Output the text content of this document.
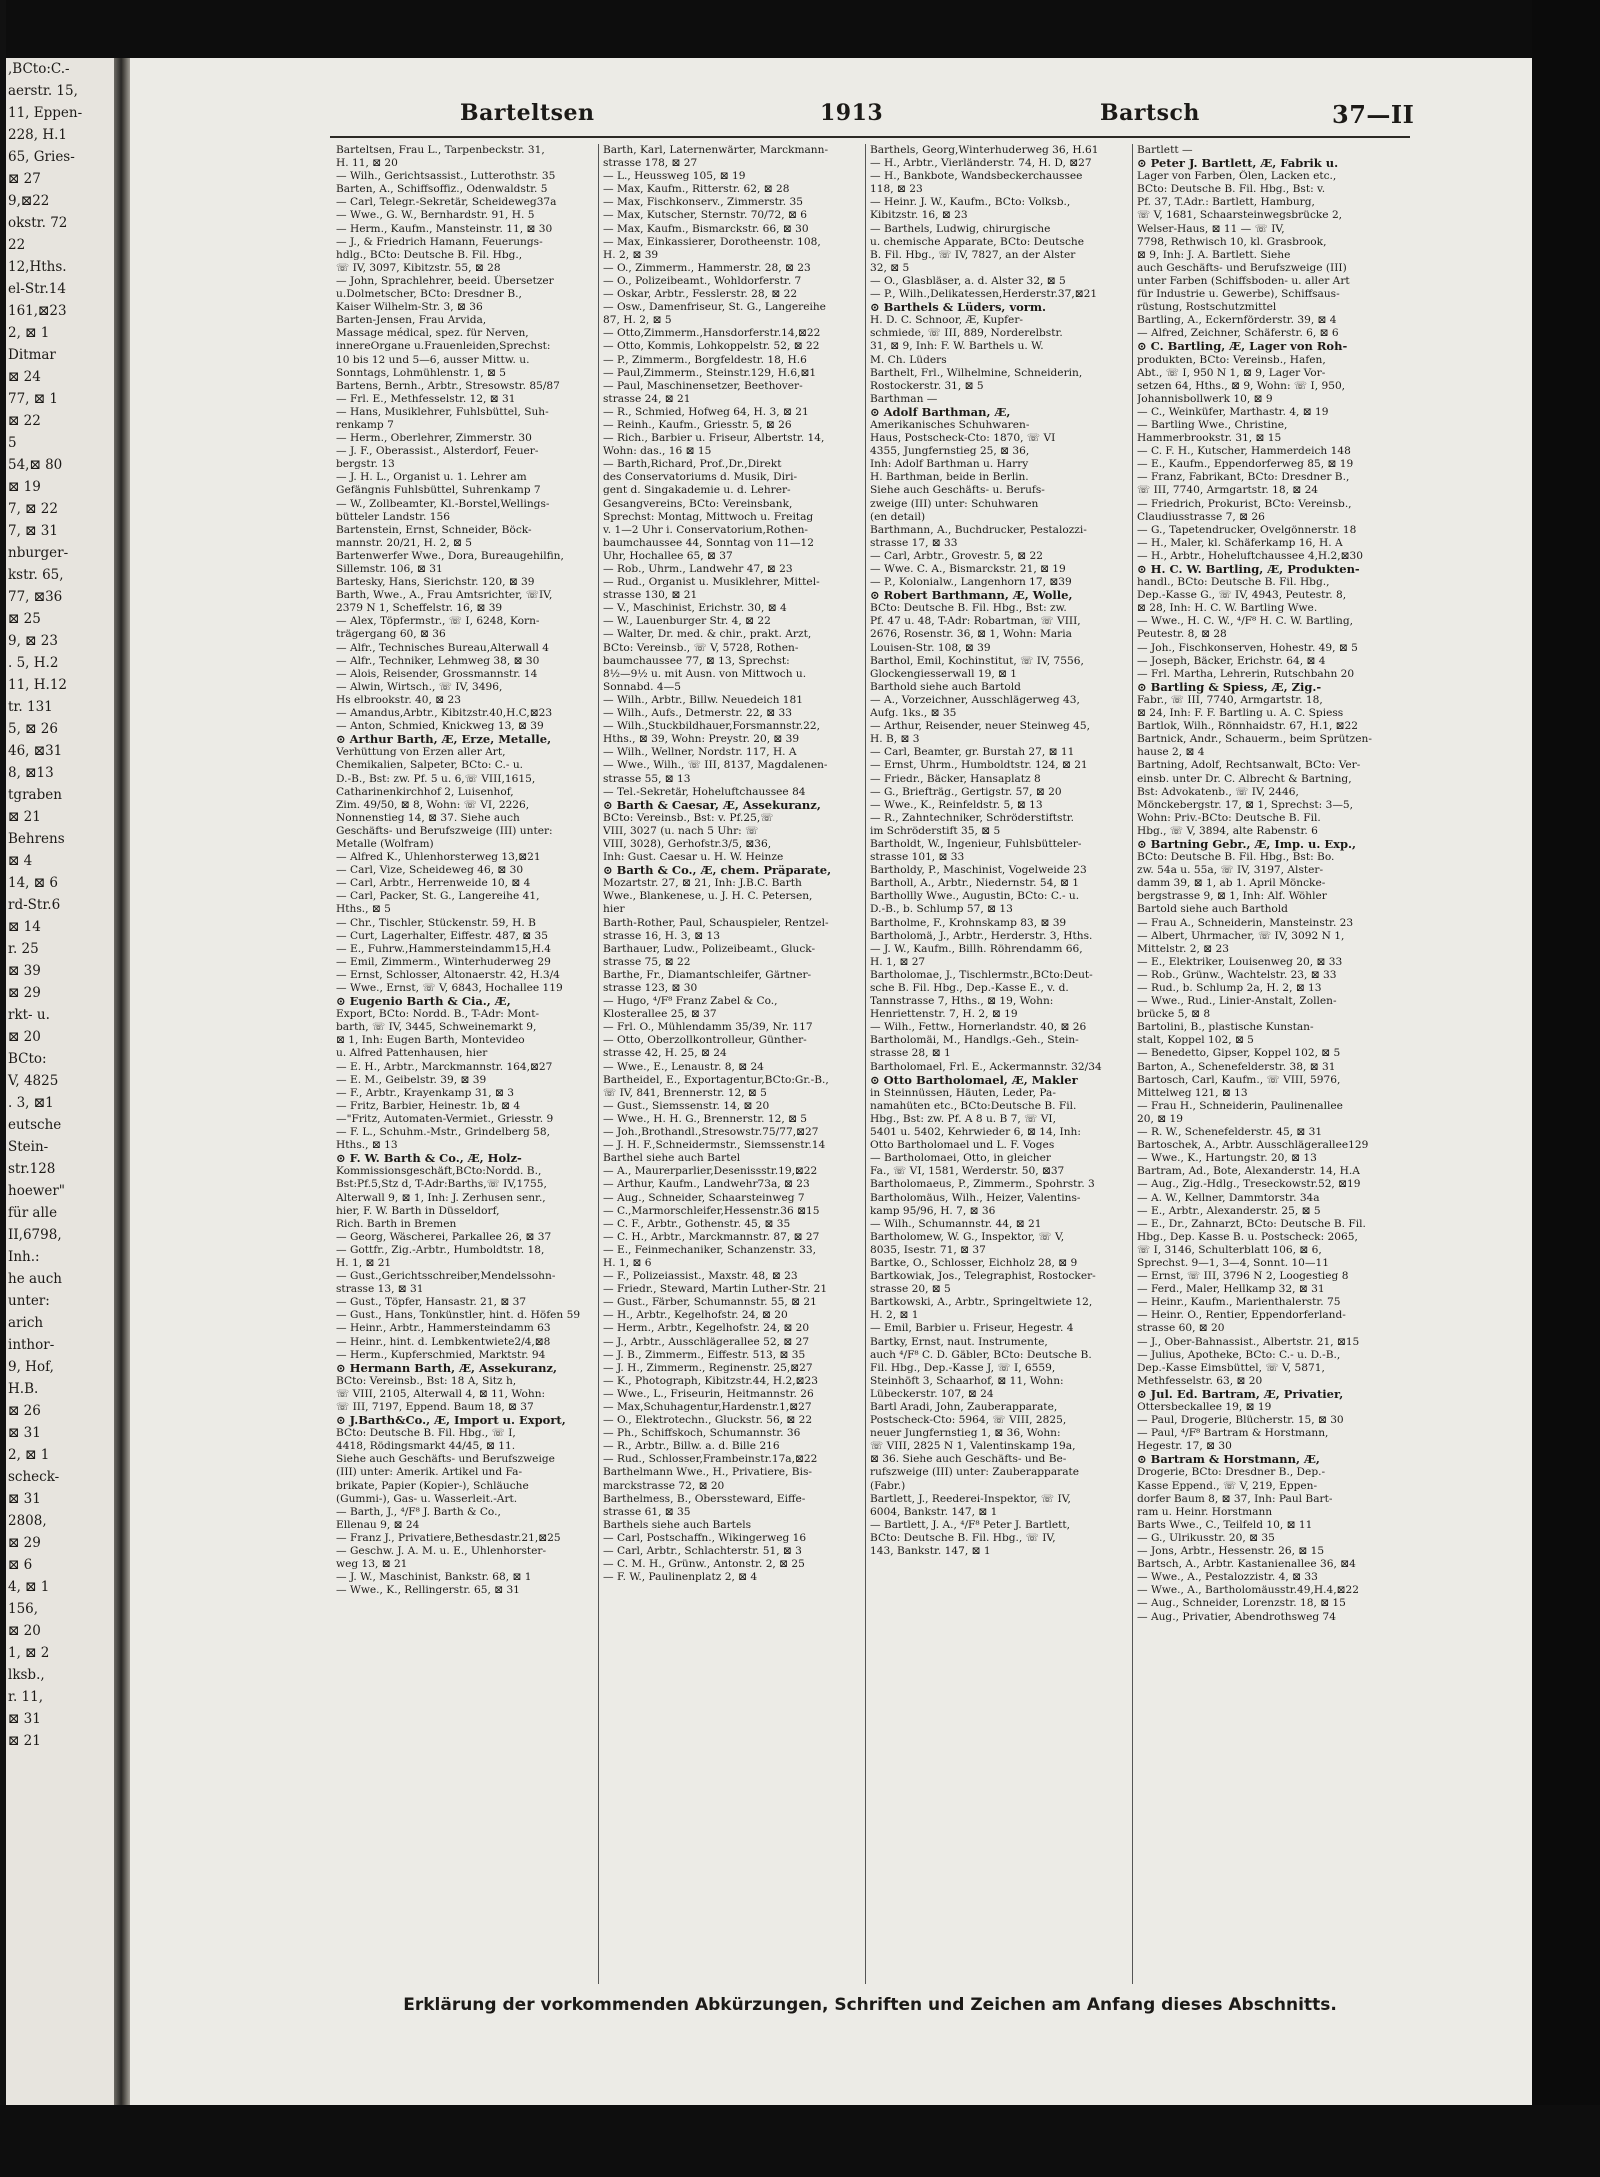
,BCto:C.-
aerstr. 15,
11, Eppen-
228, H.1
65, Gries-
⊠ 27
9,⊠22
okstr. 72
22
12,Hths.
el-Str.14
161,⊠23
2, ⊠ 1
Ditmar
⊠ 24
77, ⊠ 1
⊠ 22
5
54,⊠ 80
⊠ 19
7, ⊠ 22
7, ⊠ 31
nburger-
kstr. 65,
77, ⊠36
⊠ 25
9, ⊠ 23
. 5, H.2
11, H.12
tr. 131
5, ⊠ 26
46, ⊠31
8, ⊠13
tgraben
⊠ 21
Behrens
⊠ 4
14, ⊠ 6
rd-Str.6
⊠ 14
r. 25
⊠ 39
⊠ 29
rkt- u.
⊠ 20
BCto:
V, 4825
. 3, ⊠1
eutsche
Stein-
str.128
hoewer"
für alle
II,6798,
Inh.:
he auch
unter:
arich
inthor-
9, Hof,
H.B.
⊠ 26
⊠ 31
2, ⊠ 1
scheck-
⊠ 31
2808,
⊠ 29
⊠ 6
4, ⊠ 1
156,
⊠ 20
1, ⊠ 2
lksb.,
r. 11,
⊠ 31
⊠ 21
Barteltsen	1913	Bartsch	37—II
Barteltsen, Frau L., Tarpenbeckstr. 31,
H. 11, ⊠ 20
— Wilh., Gerichtsassist., Lutterothstr. 35
Barten, A., Schiffsoffiz., Odenwaldstr. 5
— Carl, Telegr.-Sekretär, Scheideweg37a
— Wwe., G. W., Bernhardstr. 91, H. 5
— Herm., Kaufm., Mansteinstr. 11, ⊠ 30
— J., & Friedrich Hamann, Feuerungs-
hdlg., BCto: Deutsche B. Fil. Hbg.,
☏ IV, 3097, Kibitzstr. 55, ⊠ 28
— John, Sprachlehrer, beeid. Übersetzer
u.Dolmetscher, BCto: Dresdner B.,
Kaiser Wilhelm-Str. 3, ⊠ 36
Barten-Jensen, Frau Arvida,
Massage médical, spez. für Nerven,
innereOrgane u.Frauenleiden,Sprechst:
10 bis 12 und 5—6, ausser Mittw. u.
Sonntags, Lohmühlenstr. 1, ⊠ 5
Bartens, Bernh., Arbtr., Stresowstr. 85/87
— Frl. E., Methfesselstr. 12, ⊠ 31
— Hans, Musiklehrer, Fuhlsbüttel, Suh-
renkamp 7
— Herm., Oberlehrer, Zimmerstr. 30
— J. F., Oberassist., Alsterdorf, Feuer-
bergstr. 13
— J. H. L., Organist u. 1. Lehrer am
Gefängnis Fuhlsbüttel, Suhrenkamp 7
— W., Zollbeamter, Kl.-Borstel,Wellings-
bütteler Landstr. 156
Bartenstein, Ernst, Schneider, Böck-
mannstr. 20/21, H. 2, ⊠ 5
Bartenwerfer Wwe., Dora, Bureaugehilfin,
Sillemstr. 106, ⊠ 31
Bartesky, Hans, Sierichstr. 120, ⊠ 39
Barth, Wwe., A., Frau Amtsrichter, ☏IV,
2379 N 1, Scheffelstr. 16, ⊠ 39
— Alex, Töpfermstr., ☏ I, 6248, Korn-
trägergang 60, ⊠ 36
— Alfr., Technisches Bureau,Alterwall 4
— Alfr., Techniker, Lehmweg 38, ⊠ 30
— Alois, Reisender, Grossmannstr. 14
— Alwin, Wirtsch., ☏ IV, 3496,
Hs elbrookstr. 40, ⊠ 23
— Amandus,Arbtr., Kibitzstr.40,H.C,⊠23
— Anton, Schmied, Knickweg 13, ⊠ 39
⊙ Arthur Barth, Æ, Erze, Metalle,
Verhüttung von Erzen aller Art,
Chemikalien, Salpeter, BCto: C.- u.
D.-B., Bst: zw. Pf. 5 u. 6,☏ VIII,1615,
Catharinenkirchhof 2, Luisenhof,
Zim. 49/50, ⊠ 8, Wohn: ☏ VI, 2226,
Nonnenstieg 14, ⊠ 37. Siehe auch
Geschäfts- und Berufszweige (III) unter:
Metalle (Wolfram)
— Alfred K., Uhlenhorsterweg 13,⊠21
— Carl, Vize, Scheideweg 46, ⊠ 30
— Carl, Arbtr., Herrenweide 10, ⊠ 4
— Carl, Packer, St. G., Langereihe 41,
Hths., ⊠ 5
— Chr., Tischler, Stückenstr. 59, H. B
— Curt, Lagerhalter, Eiffestr. 487, ⊠ 35
— E., Fuhrw.,Hammersteindamm15,H.4
— Emil, Zimmerm., Winterhuderweg 29
— Ernst, Schlosser, Altonaerstr. 42, H.3/4
— Wwe., Ernst, ☏ V, 6843, Hochallee 119
⊙ Eugenio Barth & Cia., Æ,
Export, BCto: Nordd. B., T-Adr: Mont-
barth, ☏ IV, 3445, Schweinemarkt 9,
⊠ 1, Inh: Eugen Barth, Montevideo
u. Alfred Pattenhausen, hier
— E. H., Arbtr., Marckmannstr. 164,⊠27
— E. M., Geibelstr. 39, ⊠ 39
— F., Arbtr., Krayenkamp 31, ⊠ 3
— Fritz, Barbier, Heinestr. 1b, ⊠ 4
—"Fritz, Automaten-Vermiet., Griesstr. 9
— F. L., Schuhm.-Mstr., Grindelberg 58,
Hths., ⊠ 13
⊙ F. W. Barth & Co., Æ, Holz-
Kommissionsgeschäft,BCto:Nordd. B.,
Bst:Pf.5,Stz d, T-Adr:Barths,☏ IV,1755,
Alterwall 9, ⊠ 1, Inh: J. Zerhusen senr.,
hier, F. W. Barth in Düsseldorf,
Rich. Barth in Bremen
— Georg, Wäscherei, Parkallee 26, ⊠ 37
— Gottfr., Zig.-Arbtr., Humboldtstr. 18,
H. 1, ⊠ 21
— Gust.,Gerichtsschreiber,Mendelssohn-
strasse 13, ⊠ 31
— Gust., Töpfer, Hansastr. 21, ⊠ 37
— Gust., Hans, Tonkünstler, hint. d. Höfen 59
— Heinr., Arbtr., Hammersteindamm 63
— Heinr., hint. d. Lembkentwiete2/4,⊠8
— Herm., Kupferschmied, Marktstr. 94
⊙ Hermann Barth, Æ, Assekuranz,
BCto: Vereinsb., Bst: 18 A, Sitz h,
☏ VIII, 2105, Alterwall 4, ⊠ 11, Wohn:
☏ III, 7197, Eppend. Baum 18, ⊠ 37
⊙ J.Barth&Co., Æ, Import u. Export,
BCto: Deutsche B. Fil. Hbg., ☏ I,
4418, Rödingsmarkt 44/45, ⊠ 11.
Siehe auch Geschäfts- und Berufszweige
(III) unter: Amerik. Artikel und Fa-
brikate, Papier (Kopier-), Schläuche
(Gummi-), Gas- u. Wasserleit.-Art.
— Barth, J., ⁴/F⁸ J. Barth & Co.,
Ellenau 9, ⊠ 24
— Franz J., Privatiere,Bethesdastr.21,⊠25
— Geschw. J. A. M. u. E., Uhlenhorster-
weg 13, ⊠ 21
— J. W., Maschinist, Bankstr. 68, ⊠ 1
— Wwe., K., Rellingerstr. 65, ⊠ 31
Barth, Karl, Laternenwärter, Marckmann-
strasse 178, ⊠ 27
— L., Heussweg 105, ⊠ 19
— Max, Kaufm., Ritterstr. 62, ⊠ 28
— Max, Fischkonserv., Zimmerstr. 35
— Max, Kutscher, Sternstr. 70/72, ⊠ 6
— Max, Kaufm., Bismarckstr. 66, ⊠ 30
— Max, Einkassierer, Dorotheenstr. 108,
H. 2, ⊠ 39
— O., Zimmerm., Hammerstr. 28, ⊠ 23
— O., Polizeibeamt., Wohldorferstr. 7
— Oskar, Arbtr., Fesslerstr. 28, ⊠ 22
— Osw., Damenfriseur, St. G., Langereihe
87, H. 2, ⊠ 5
— Otto,Zimmerm.,Hansdorferstr.14,⊠22
— Otto, Kommis, Lohkoppelstr. 52, ⊠ 22
— P., Zimmerm., Borgfeldestr. 18, H.6
— Paul,Zimmerm., Steinstr.129, H.6,⊠1
— Paul, Maschinensetzer, Beethover-
strasse 24, ⊠ 21
— R., Schmied, Hofweg 64, H. 3, ⊠ 21
— Reinh., Kaufm., Griesstr. 5, ⊠ 26
— Rich., Barbier u. Friseur, Albertstr. 14,
Wohn: das., 16 ⊠ 15
— Barth,Richard, Prof.,Dr.,Direkt
des Conservatoriums d. Musik, Diri-
gent d. Singakademie u. d. Lehrer-
Gesangvereins, BCto: Vereinsbank,
Sprechst: Montag, Mittwoch u. Freitag
v. 1—2 Uhr i. Conservatorium,Rothen-
baumchaussee 44, Sonntag von 11—12
Uhr, Hochallee 65, ⊠ 37
— Rob., Uhrm., Landwehr 47, ⊠ 23
— Rud., Organist u. Musiklehrer, Mittel-
strasse 130, ⊠ 21
— V., Maschinist, Erichstr. 30, ⊠ 4
— W., Lauenburger Str. 4, ⊠ 22
— Walter, Dr. med. & chir., prakt. Arzt,
BCto: Vereinsb., ☏ V, 5728, Rothen-
baumchaussee 77, ⊠ 13, Sprechst:
8½—9½ u. mit Ausn. von Mittwoch u.
Sonnabd. 4—5
— Wilh., Arbtr., Billw. Neuedeich 181
— Wilh., Aufs., Detmerstr. 22, ⊠ 33
— Wilh.,Stuckbildhauer,Forsmannstr.22,
Hths., ⊠ 39, Wohn: Preystr. 20, ⊠ 39
— Wilh., Wellner, Nordstr. 117, H. A
— Wwe., Wilh., ☏ III, 8137, Magdalenen-
strasse 55, ⊠ 13
— Tel.-Sekretär, Hoheluftchaussee 84
⊙ Barth & Caesar, Æ, Assekuranz,
BCto: Vereinsb., Bst: v. Pf.25,☏
VIII, 3027 (u. nach 5 Uhr: ☏
VIII, 3028), Gerhofstr.3/5, ⊠36,
Inh: Gust. Caesar u. H. W. Heinze
⊙ Barth & Co., Æ, chem. Präparate,
Mozartstr. 27, ⊠ 21, Inh: J.B.C. Barth
Wwe., Blankenese, u. J. H. C. Petersen,
hier
Barth-Rother, Paul, Schauspieler, Rentzel-
strasse 16, H. 3, ⊠ 13
Barthauer, Ludw., Polizeibeamt., Gluck-
strasse 75, ⊠ 22
Barthe, Fr., Diamantschleifer, Gärtner-
strasse 123, ⊠ 30
— Hugo, ⁴/F⁸ Franz Zabel & Co.,
Klosterallee 25, ⊠ 37
— Frl. O., Mühlendamm 35/39, Nr. 117
— Otto, Oberzollkontrolleur, Günther-
strasse 42, H. 25, ⊠ 24
— Wwe., E., Lenaustr. 8, ⊠ 24
Bartheidel, E., Exportagentur,BCto:Gr.-B.,
☏ IV, 841, Brennerstr. 12, ⊠ 5
— Gust., Siemssenstr. 14, ⊠ 20
— Wwe., H. H. G., Brennerstr. 12, ⊠ 5
— Joh.,Brothandl.,Stresowstr.75/77,⊠27
— J. H. F.,Schneidermstr., Siemssenstr.14
Barthel siehe auch Bartel
— A., Maurerparlier,Desenissstr.19,⊠22
— Arthur, Kaufm., Landwehr73a, ⊠ 23
— Aug., Schneider, Schaarsteinweg 7
— C.,Marmorschleifer,Hessenstr.36 ⊠15
— C. F., Arbtr., Gothenstr. 45, ⊠ 35
— C. H., Arbtr., Marckmannstr. 87, ⊠ 27
— E., Feinmechaniker, Schanzenstr. 33,
H. 1, ⊠ 6
— F., Polizeiassist., Maxstr. 48, ⊠ 23
— Friedr., Steward, Martin Luther-Str. 21
— Gust., Färber, Schumannstr. 55, ⊠ 21
— H., Arbtr., Kegelhofstr. 24, ⊠ 20
— Herm., Arbtr., Kegelhofstr. 24, ⊠ 20
— J., Arbtr., Ausschlägerallee 52, ⊠ 27
— J. B., Zimmerm., Eiffestr. 513, ⊠ 35
— J. H., Zimmerm., Reginenstr. 25,⊠27
— K., Photograph, Kibitzstr.44, H.2,⊠23
— Wwe., L., Friseurin, Heitmannstr. 26
— Max,Schuhagentur,Hardenstr.1,⊠27
— O., Elektrotechn., Gluckstr. 56, ⊠ 22
— Ph., Schiffskoch, Schumannstr. 36
— R., Arbtr., Billw. a. d. Bille 216
— Rud., Schlosser,Frambeinstr.17a,⊠22
Barthelmann Wwe., H., Privatiere, Bis-
marckstrasse 72, ⊠ 20
Barthelmess, B., Oberssteward, Eiffe-
strasse 61, ⊠ 35
Barthels siehe auch Bartels
— Carl, Postschaffn., Wikingerweg 16
— Carl, Arbtr., Schlachterstr. 51, ⊠ 3
— C. M. H., Grünw., Antonstr. 2, ⊠ 25
— F. W., Paulinenplatz 2, ⊠ 4
Barthels, Georg,Winterhuderweg 36, H.61
— H., Arbtr., Vierländerstr. 74, H. D, ⊠27
— H., Bankbote, Wandsbeckerchaussee
118, ⊠ 23
— Heinr. J. W., Kaufm., BCto: Volksb.,
Kibitzstr. 16, ⊠ 23
— Barthels, Ludwig, chirurgische
u. chemische Apparate, BCto: Deutsche
B. Fil. Hbg., ☏ IV, 7827, an der Alster
32, ⊠ 5
— O., Glasbläser, a. d. Alster 32, ⊠ 5
— P., Wilh.,Delikatessen,Herderstr.37,⊠21
⊙ Barthels & Lüders, vorm.
H. D. C. Schnoor, Æ, Kupfer-
schmiede, ☏ III, 889, Norderelbstr.
31, ⊠ 9, Inh: F. W. Barthels u. W.
M. Ch. Lüders
Barthelt, Frl., Wilhelmine, Schneiderin,
Rostockerstr. 31, ⊠ 5
Barthman —
⊙ Adolf Barthman, Æ,
Amerikanisches Schuhwaren-
Haus, Postscheck-Cto: 1870, ☏ VI
4355, Jungfernstieg 25, ⊠ 36,
Inh: Adolf Barthman u. Harry
H. Barthman, beide in Berlin.
Siehe auch Geschäfts- u. Berufs-
zweige (III) unter: Schuhwaren
(en detail)
Barthmann, A., Buchdrucker, Pestalozzi-
strasse 17, ⊠ 33
— Carl, Arbtr., Grovestr. 5, ⊠ 22
— Wwe. C. A., Bismarckstr. 21, ⊠ 19
— P., Kolonialw., Langenhorn 17, ⊠39
⊙ Robert Barthmann, Æ, Wolle,
BCto: Deutsche B. Fil. Hbg., Bst: zw.
Pf. 47 u. 48, T-Adr: Robartman, ☏ VIII,
2676, Rosenstr. 36, ⊠ 1, Wohn: Maria
Louisen-Str. 108, ⊠ 39
Barthol, Emil, Kochinstitut, ☏ IV, 7556,
Glockengiesserwall 19, ⊠ 1
Barthold siehe auch Bartold
— A., Vorzeichner, Ausschlägerweg 43,
Aufg. 1ks., ⊠ 35
— Arthur, Reisender, neuer Steinweg 45,
H. B, ⊠ 3
— Carl, Beamter, gr. Burstah 27, ⊠ 11
— Ernst, Uhrm., Humboldtstr. 124, ⊠ 21
— Friedr., Bäcker, Hansaplatz 8
— G., Briefträg., Gertigstr. 57, ⊠ 20
— Wwe., K., Reinfeldstr. 5, ⊠ 13
— R., Zahntechniker, Schröderstiftstr.
im Schröderstift 35, ⊠ 5
Bartholdt, W., Ingenieur, Fuhlsbütteler-
strasse 101, ⊠ 33
Bartholdy, P., Maschinist, Vogelweide 23
Bartholl, A., Arbtr., Niedernstr. 54, ⊠ 1
Barthollly Wwe., Augustin, BCto: C.- u.
D.-B., b. Schlump 57, ⊠ 13
Bartholme, F., Krohnskamp 83, ⊠ 39
Bartholomä, J., Arbtr., Herderstr. 3, Hths.
— J. W., Kaufm., Billh. Röhrendamm 66,
H. 1, ⊠ 27
Bartholomae, J., Tischlermstr.,BCto:Deut-
sche B. Fil. Hbg., Dep.-Kasse E., v. d.
Tannstrasse 7, Hths., ⊠ 19, Wohn:
Henriettenstr. 7, H. 2, ⊠ 19
— Wilh., Fettw., Hornerlandstr. 40, ⊠ 26
Bartholomäi, M., Handlgs.-Geh., Stein-
strasse 28, ⊠ 1
Bartholomael, Frl. E., Ackermannstr. 32/34
⊙ Otto Bartholomael, Æ, Makler
in Steinnüssen, Häuten, Leder, Pa-
namahüten etc., BCto:Deutsche B. Fil.
Hbg., Bst: zw. Pf. A 8 u. B 7, ☏ VI,
5401 u. 5402, Kehrwieder 6, ⊠ 14, Inh:
Otto Bartholomael und L. F. Voges
— Bartholomaei, Otto, in gleicher
Fa., ☏ VI, 1581, Werderstr. 50, ⊠37
Bartholomaeus, P., Zimmerm., Spohrstr. 3
Bartholomäus, Wilh., Heizer, Valentins-
kamp 95/96, H. 7, ⊠ 36
— Wilh., Schumannstr. 44, ⊠ 21
Bartholomew, W. G., Inspektor, ☏ V,
8035, Isestr. 71, ⊠ 37
Bartke, O., Schlosser, Eichholz 28, ⊠ 9
Bartkowiak, Jos., Telegraphist, Rostocker-
strasse 20, ⊠ 5
Bartkowski, A., Arbtr., Springeltwiete 12,
H. 2, ⊠ 1
— Emil, Barbier u. Friseur, Hegestr. 4
Bartky, Ernst, naut. Instrumente,
auch ⁴/F⁸ C. D. Gäbler, BCto: Deutsche B.
Fil. Hbg., Dep.-Kasse J, ☏ I, 6559,
Steinhöft 3, Schaarhof, ⊠ 11, Wohn:
Lübeckerstr. 107, ⊠ 24
Bartl Aradi, John, Zauberapparate,
Postscheck-Cto: 5964, ☏ VIII, 2825,
neuer Jungfernstieg 1, ⊠ 36, Wohn:
☏ VIII, 2825 N 1, Valentinskamp 19a,
⊠ 36. Siehe auch Geschäfts- und Be-
rufszweige (III) unter: Zauberapparate
(Fabr.)
Bartlett, J., Reederei-Inspektor, ☏ IV,
6004, Bankstr. 147, ⊠ 1
— Bartlett, J. A., ⁴/F⁸ Peter J. Bartlett,
BCto: Deutsche B. Fil. Hbg., ☏ IV,
143, Bankstr. 147, ⊠ 1
Bartlett —
⊙ Peter J. Bartlett, Æ, Fabrik u.
Lager von Farben, Ölen, Lacken etc.,
BCto: Deutsche B. Fil. Hbg., Bst: v.
Pf. 37, T.Adr.: Bartlett, Hamburg,
☏ V, 1681, Schaarsteinwegsbrücke 2,
Welser-Haus, ⊠ 11 — ☏ IV,
7798, Rethwisch 10, kl. Grasbrook,
⊠ 9, Inh: J. A. Bartlett. Siehe
auch Geschäfts- und Berufszweige (III)
unter Farben (Schiffsboden- u. aller Art
für Industrie u. Gewerbe), Schiffsaus-
rüstung, Rostschutzmittel
Bartling, A., Eckernförderstr. 39, ⊠ 4
— Alfred, Zeichner, Schäferstr. 6, ⊠ 6
⊙ C. Bartling, Æ, Lager von Roh-
produkten, BCto: Vereinsb., Hafen,
Abt., ☏ I, 950 N 1, ⊠ 9, Lager Vor-
setzen 64, Hths., ⊠ 9, Wohn: ☏ I, 950,
Johannisbollwerk 10, ⊠ 9
— C., Weinküfer, Marthastr. 4, ⊠ 19
— Bartling Wwe., Christine,
Hammerbrookstr. 31, ⊠ 15
— C. F. H., Kutscher, Hammerdeich 148
— E., Kaufm., Eppendorferweg 85, ⊠ 19
— Franz, Fabrikant, BCto: Dresdner B.,
☏ III, 7740, Armgartstr. 18, ⊠ 24
— Friedrich, Prokurist, BCto: Vereinsb.,
Claudiusstrasse 7, ⊠ 26
— G., Tapetendrucker, Ovelgönnerstr. 18
— H., Maler, kl. Schäferkamp 16, H. A
— H., Arbtr., Hoheluftchaussee 4,H.2,⊠30
⊙ H. C. W. Bartling, Æ, Produkten-
handl., BCto: Deutsche B. Fil. Hbg.,
Dep.-Kasse G., ☏ IV, 4943, Peutestr. 8,
⊠ 28, Inh: H. C. W. Bartling Wwe.
— Wwe., H. C. W., ⁴/F⁸ H. C. W. Bartling,
Peutestr. 8, ⊠ 28
— Joh., Fischkonserven, Hohestr. 49, ⊠ 5
— Joseph, Bäcker, Erichstr. 64, ⊠ 4
— Frl. Martha, Lehrerin, Rutschbahn 20
⊙ Bartling & Spiess, Æ, Zig.-
Fabr., ☏ III, 7740, Armgartstr. 18,
⊠ 24, Inh: F. F. Bartling u. A. C. Spiess
Bartlok, Wilh., Rönnhaidstr. 67, H.1, ⊠22
Bartnick, Andr., Schauerm., beim Sprützen-
hause 2, ⊠ 4
Bartning, Adolf, Rechtsanwalt, BCto: Ver-
einsb. unter Dr. C. Albrecht & Bartning,
Bst: Advokatenb., ☏ IV, 2446,
Mönckebergstr. 17, ⊠ 1, Sprechst: 3—5,
Wohn: Priv.-BCto: Deutsche B. Fil.
Hbg., ☏ V, 3894, alte Rabenstr. 6
⊙ Bartning Gebr., Æ, Imp. u. Exp.,
BCto: Deutsche B. Fil. Hbg., Bst: Bo.
zw. 54a u. 55a, ☏ IV, 3197, Alster-
damm 39, ⊠ 1, ab 1. April Möncke-
bergstrasse 9, ⊠ 1, Inh: Alf. Wöhler
Bartold siehe auch Barthold
— Frau A., Schneiderin, Mansteinstr. 23
— Albert, Uhrmacher, ☏ IV, 3092 N 1,
Mittelstr. 2, ⊠ 23
— E., Elektriker, Louisenweg 20, ⊠ 33
— Rob., Grünw., Wachtelstr. 23, ⊠ 33
— Rud., b. Schlump 2a, H. 2, ⊠ 13
— Wwe., Rud., Linier-Anstalt, Zollen-
brücke 5, ⊠ 8
Bartolini, B., plastische Kunstan-
stalt, Koppel 102, ⊠ 5
— Benedetto, Gipser, Koppel 102, ⊠ 5
Barton, A., Schenefelderstr. 38, ⊠ 31
Bartosch, Carl, Kaufm., ☏ VIII, 5976,
Mittelweg 121, ⊠ 13
— Frau H., Schneiderin, Paulinenallee
20, ⊠ 19
— R. W., Schenefelderstr. 45, ⊠ 31
Bartoschek, A., Arbtr. Ausschlägerallee129
— Wwe., K., Hartungstr. 20, ⊠ 13
Bartram, Ad., Bote, Alexanderstr. 14, H.A
— Aug., Zig.-Hdlg., Treseckowstr.52, ⊠19
— A. W., Kellner, Dammtorstr. 34a
— E., Arbtr., Alexanderstr. 25, ⊠ 5
— E., Dr., Zahnarzt, BCto: Deutsche B. Fil.
Hbg., Dep. Kasse B. u. Postscheck: 2065,
☏ I, 3146, Schulterblatt 106, ⊠ 6,
Sprechst. 9—1, 3—4, Sonnt. 10—11
— Ernst, ☏ III, 3796 N 2, Loogestieg 8
— Ferd., Maler, Hellkamp 32, ⊠ 31
— Heinr., Kaufm., Marienthalerstr. 75
— Heinr. O., Rentier, Eppendorferland-
strasse 60, ⊠ 20
— J., Ober-Bahnassist., Albertstr. 21, ⊠15
— Julius, Apotheke, BCto: C.- u. D.-B.,
Dep.-Kasse Eimsbüttel, ☏ V, 5871,
Methfesselstr. 63, ⊠ 20
⊙ Jul. Ed. Bartram, Æ, Privatier,
Ottersbeckallee 19, ⊠ 19
— Paul, Drogerie, Blücherstr. 15, ⊠ 30
— Paul, ⁴/F⁸ Bartram & Horstmann,
Hegestr. 17, ⊠ 30
⊙ Bartram & Horstmann, Æ,
Drogerie, BCto: Dresdner B., Dep.-
Kasse Eppend., ☏ V, 219, Eppen-
dorfer Baum 8, ⊠ 37, Inh: Paul Bart-
ram u. Heinr. Horstmann
Barts Wwe., C., Teilfeld 10, ⊠ 11
— G., Ulrikusstr. 20, ⊠ 35
— Jons, Arbtr., Hessenstr. 26, ⊠ 15
Bartsch, A., Arbtr. Kastanienallee 36, ⊠4
— Wwe., A., Pestalozzistr. 4, ⊠ 33
— Wwe., A., Bartholomäusstr.49,H.4,⊠22
— Aug., Schneider, Lorenzstr. 18, ⊠ 15
— Aug., Privatier, Abendrothsweg 74
Erklärung der vorkommenden Abkürzungen, Schriften und Zeichen am Anfang dieses Abschnitts.
